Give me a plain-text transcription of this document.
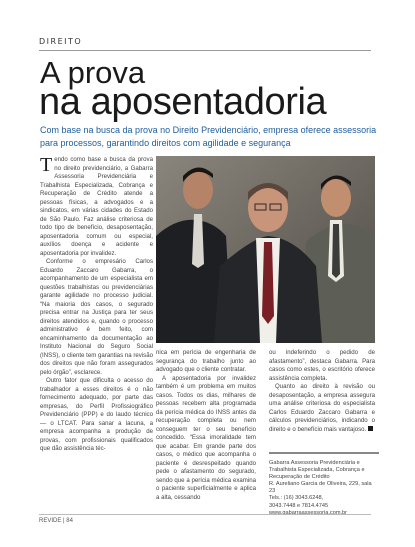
DIREITO
A prova
na aposentadoria
Com base na busca da prova no Direito Previdenciário, empresa oferece assessoria para processos, garantindo direitos com agilidade e segurança

Tendo como base a busca da prova no direito previdenciário, a Gabarra Assessoria Previdenciária e Trabalhista Especializada, Cobrança e Recuperação de Crédito atende a pessoas físicas, a advogados e a sindicatos, em várias cidades do Estado de São Paulo. Faz análise criteriosa de todo tipo de benefício, desaposentação, aposentadoria comum ou especial, auxílios doença e acidente e aposentadoria por invalidez.

Conforme o empresário Carlos Eduardo Zaccaro Gabarra, o acompanhamento de um especialista em questões trabalhistas ou previdenciárias garante agilidade no processo judicial. “Na maioria dos casos, o segurado precisa entrar na Justiça para ter seus direitos atendidos e, quando o processo administrativo é bem feito, com encaminhamento da documentação ao Instituto Nacional do Seguro Social (INSS), o cliente tem garantias na revisão dos direitos que não foram assegurados pelo órgão”, esclarece.

Outro fator que dificulta o acesso do trabalhador a esses direitos é o não fornecimento adequado, por parte das empresas, do Perfil Profissiográfico Previdenciário (PPP) e do laudo técnico — o LTCAT. Para sanar a lacuna, a empresa acompanha a produção de provas, com profissionais qualificados que dão assistência téc-

nica em perícia de engenharia de segurança do trabalho junto ao advogado que o cliente contratar.

A aposentadoria por invalidez também é um problema em muitos casos. Todos os dias, milhares de pessoas recebem alta programada da perícia médica do INSS antes da recuperação completa ou nem conseguem ter o seu benefício concedido. “Essa imoralidade tem que acabar. Em grande parte dos casos, o médico que acompanha o paciente é desrespeitado quando pede o afastamento do segurado, sendo que a perícia médica examina o paciente superficialmente e aplica a alta, cessando

ou indeferindo o pedido de afastamento”, destaca Gabarra. Para casos como estes, o escritório oferece assistência completa.

Quanto ao direito à revisão ou desaposentação, a empresa assegura uma análise criteriosa do especialista Carlos Eduardo Zaccaro Gabarra e cálculos previdenciários, indicando o direito e o benefício mais vantajoso.

Gabarra Assessoria Previdenciária e Trabalhista Especializada, Cobrança e Recuperação de Crédito
R. Aureliano Garcia de Oliveira, 229, sala 23
Tels.: (16) 3043.6248,
3043.7448 e 7814.4745
www.gabarraassessoria.com.br
REVIDE | 84
